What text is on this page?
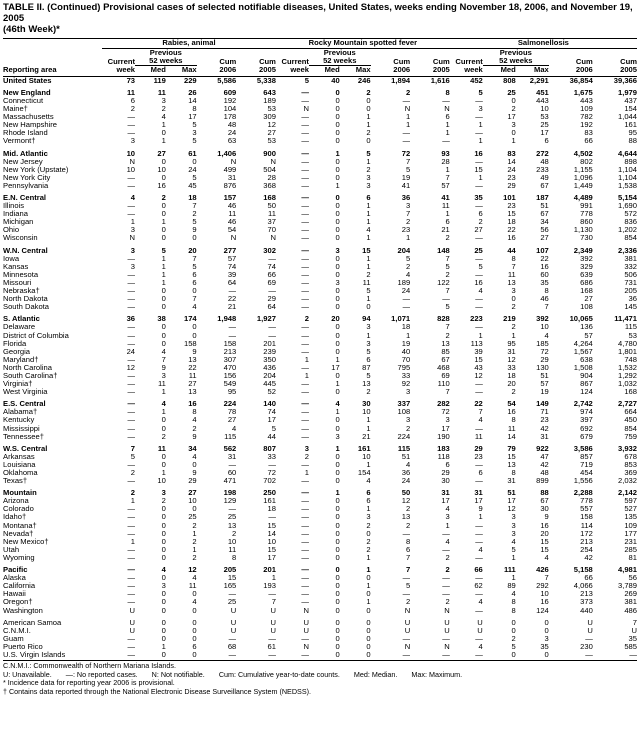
TABLE II. (Continued) Provisional cases of selected notifiable diseases, United States, weeks ending November 18, 2006, and November 19, 2005
(46th Week)*
	Rabies, animal					Rocky Mountain spotted fever					Salmonellosis				
		Previous					Previous					Previous			
	Current	52 weeks		Cum	Cum	Current	52 weeks		Cum	Cum	Current	52 weeks		Cum	Cum
Reporting area	week	Med	Max	2006	2005	week	Med	Max	2006	2005	week	Med	Max	2006	2005
United States	73	119	229	5,586	5,338	5	40	246	1,894	1,616	452	808	2,291	36,854	39,366

New England	11	11	26	609	643	—	0	2	2	8	5	25	451	1,675	1,979
Connecticut	6	3	14	192	189	—	0	0	—	—	—	0	443	443	437
Maine†	2	2	8	104	53	N	0	0	N	N	3	2	10	109	154
Massachusetts	—	4	17	178	309	—	0	1	1	6	—	17	53	782	1,044
New Hampshire	—	1	5	48	12	—	0	1	1	1	1	3	25	192	161
Rhode Island	—	0	3	24	27	—	0	2	—	1	—	0	17	83	95
Vermont†	3	1	5	63	53	—	0	0	—	—	1	1	6	66	88

Mid. Atlantic	10	27	61	1,406	900	—	1	5	72	93	16	83	272	4,502	4,644
New Jersey	N	0	0	N	N	—	0	1	7	28	—	14	48	802	898
New York (Upstate)	10	10	24	499	504	—	0	2	5	1	15	24	233	1,155	1,104
New York City	—	0	5	31	28	—	0	3	19	7	1	23	49	1,096	1,104
Pennsylvania	—	16	45	876	368	—	1	3	41	57	—	29	67	1,449	1,538

E.N. Central	4	2	18	157	168	—	0	6	36	41	35	101	187	4,489	5,154
Illinois	—	0	7	46	50	—	0	1	3	11	—	23	51	991	1,690
Indiana	—	0	2	11	11	—	0	1	7	1	6	15	67	778	572
Michigan	1	1	5	46	37	—	0	1	2	6	2	18	34	860	836
Ohio	3	0	9	54	70	—	0	4	23	21	27	22	56	1,130	1,202
Wisconsin	N	0	0	N	N	—	0	1	1	2	—	16	27	730	854

W.N. Central	3	5	20	277	302	—	3	15	204	148	25	44	107	2,349	2,336
Iowa	—	1	7	57	—	—	0	1	5	7	—	8	22	392	381
Kansas	3	1	5	74	74	—	0	1	2	5	5	7	16	329	332
Minnesota	—	1	6	39	66	—	0	2	4	2	—	11	60	639	506
Missouri	—	1	6	64	69	—	3	11	189	122	16	13	35	686	731
Nebraska†	—	0	0	—	—	—	0	5	24	7	4	3	8	168	205
North Dakota	—	0	7	22	29	—	0	1	—	—	—	0	46	27	36
South Dakota	—	0	4	21	64	—	0	0	—	5	—	2	7	108	145

S. Atlantic	36	38	174	1,948	1,927	2	20	94	1,071	828	223	219	392	10,065	11,471
Delaware	—	0	0	—	—	—	0	3	18	7	—	2	10	136	115
District of Columbia	—	0	0	—	—	—	0	1	1	2	1	1	4	57	53
Florida	—	0	158	158	201	—	0	3	19	13	113	95	185	4,264	4,780
Georgia	24	4	9	213	239	—	0	5	40	85	39	31	72	1,567	1,801
Maryland†	—	7	13	307	350	1	1	6	70	67	15	12	29	638	748
North Carolina	12	9	22	470	436	—	17	87	795	468	43	33	130	1,508	1,532
South Carolina†	—	3	11	156	204	1	0	5	33	69	12	18	51	904	1,292
Virginia†	—	11	27	549	445	—	1	13	92	110	—	20	57	867	1,032
West Virginia	—	1	13	95	52	—	0	2	3	7	—	2	19	124	168

E.S. Central	—	4	16	224	140	—	4	30	337	282	22	54	149	2,742	2,727
Alabama†	—	1	8	78	74	—	1	10	108	72	7	16	71	974	664
Kentucky	—	0	4	27	17	—	0	1	3	3	4	8	23	397	450
Mississippi	—	0	2	4	5	—	0	1	2	17	—	11	42	692	854
Tennessee†	—	2	9	115	44	—	3	21	224	190	11	14	31	679	759

W.S. Central	7	11	34	562	807	3	1	161	115	183	29	79	922	3,586	3,932
Arkansas	5	0	4	31	33	2	0	10	51	118	23	15	47	857	678
Louisiana	—	0	0	—	—	—	0	1	4	6	—	13	42	719	853
Oklahoma	2	1	9	60	72	1	0	154	36	29	6	8	48	454	369
Texas†	—	10	29	471	702	—	0	4	24	30	—	31	899	1,556	2,032

Mountain	2	3	27	198	250	—	1	6	50	31	31	51	88	2,288	2,142
Arizona	1	2	10	129	161	—	0	6	12	17	17	17	67	778	597
Colorado	—	0	0	—	18	—	0	1	2	4	9	12	30	557	527
Idaho†	—	0	25	25	—	—	0	3	13	3	1	3	9	158	135
Montana†	—	0	2	13	15	—	0	2	2	1	—	3	16	114	109
Nevada†	—	0	1	2	14	—	0	0	—	—	—	3	20	172	177
New Mexico†	1	0	2	10	10	—	0	2	8	4	—	4	15	213	231
Utah	—	0	1	11	15	—	0	2	6	—	4	5	15	254	285
Wyoming	—	0	2	8	17	—	0	1	7	2	—	1	4	42	81

Pacific	—	4	12	205	201	—	0	1	7	2	66	111	426	5,158	4,981
Alaska	—	0	4	15	1	—	0	0	—	—	—	1	7	66	56
California	—	3	11	165	193	—	0	1	5	—	62	89	292	4,066	3,789
Hawaii	—	0	0	—	—	—	0	0	—	—	—	4	10	213	269
Oregon†	—	0	4	25	7	—	0	1	2	2	4	8	16	373	381
Washington	U	0	0	U	U	N	0	0	N	N	—	8	124	440	486

American Samoa	U	0	0	U	U	U	0	0	U	U	U	0	0	U	7
C.N.M.I.	U	0	0	U	U	U	0	0	U	U	U	0	0	U	U
Guam	—	0	0	—	—	—	0	0	—	—	—	2	3	—	35
Puerto Rico	—	1	6	68	61	N	0	0	N	N	4	5	35	230	585
U.S. Virgin Islands	—	0	0	—	—	—	0	0	—	—	—	0	0	—	—
C.N.M.I.: Commonwealth of Northern Mariana Islands.
U: Unavailable. —: No reported cases. N: Not notifiable. Cum: Cumulative year-to-date counts. Med: Median. Max: Maximum.
* Incidence data for reporting year 2006 is provisional.
† Contains data reported through the National Electronic Disease Surveillance System (NEDSS).
